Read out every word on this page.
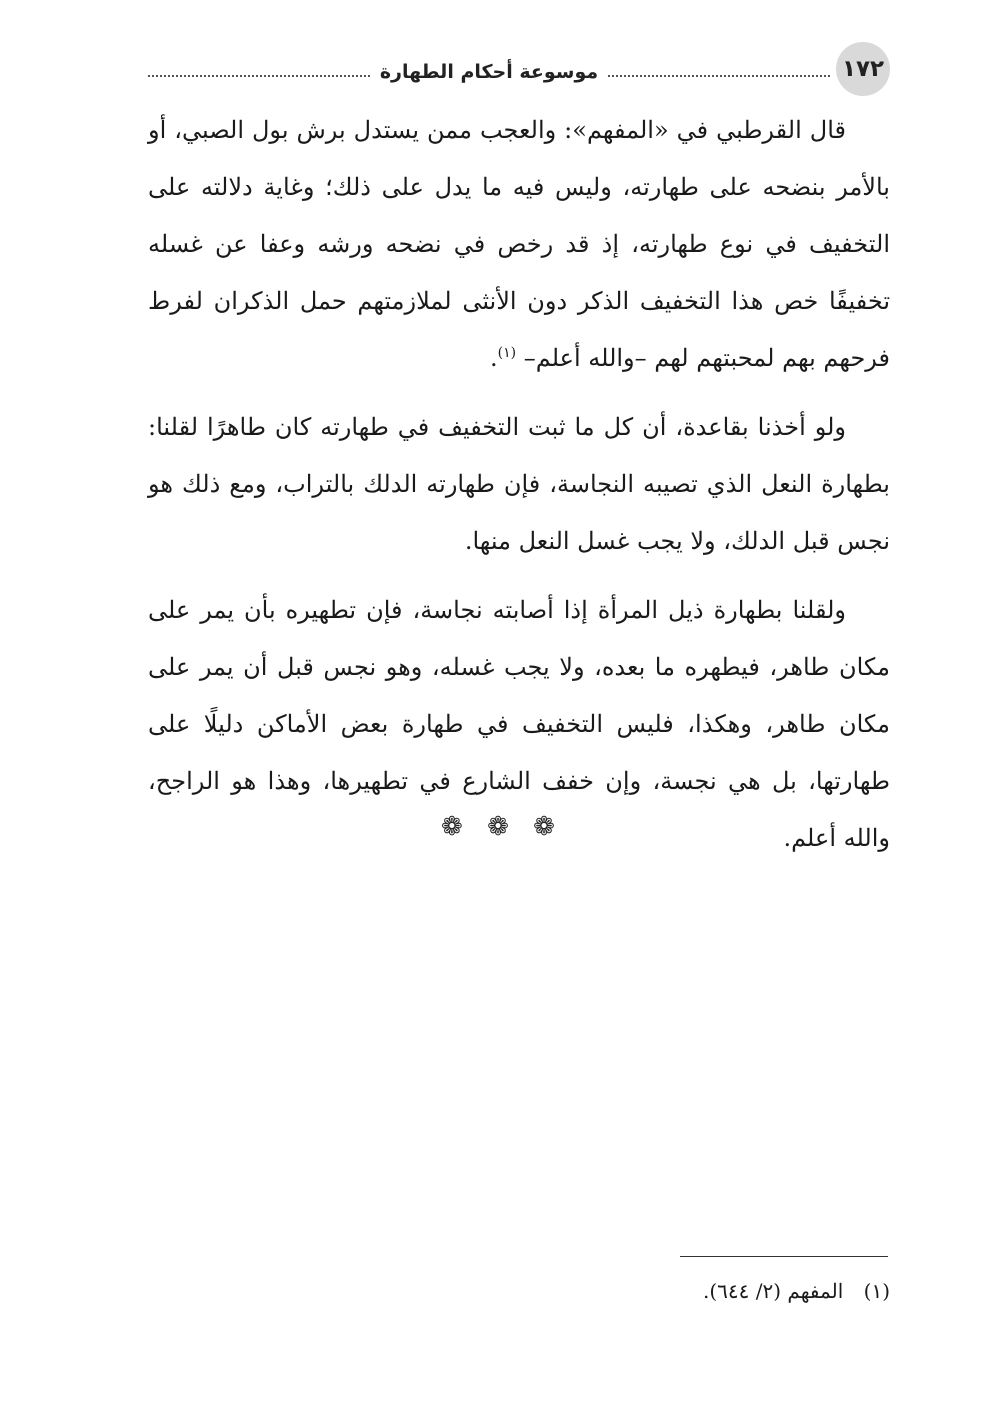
١٧٢
موسوعة أحكام الطهارة

قال القرطبي في «المفهم»: والعجب ممن يستدل برش بول الصبي، أو بالأمر بنضحه على طهارته، وليس فيه ما يدل على ذلك؛ وغاية دلالته على التخفيف في نوع طهارته، إذ قد رخص في نضحه ورشه وعفا عن غسله تخفيفًا خص هذا التخفيف الذكر دون الأنثى لملازمتهم حمل الذكران لفرط فرحهم بهم لمحبتهم لهم –والله أعلم– $^{(١)}$.

ولو أخذنا بقاعدة، أن كل ما ثبت التخفيف في طهارته كان طاهرًا لقلنا: بطهارة النعل الذي تصيبه النجاسة، فإن طهارته الدلك بالتراب، ومع ذلك هو نجس قبل الدلك، ولا يجب غسل النعل منها.

ولقلنا بطهارة ذيل المرأة إذا أصابته نجاسة، فإن تطهيره بأن يمر على مكان طاهر، فيطهره ما بعده، ولا يجب غسله، وهو نجس قبل أن يمر على مكان طاهر، وهكذا، فليس التخفيف في طهارة بعض الأماكن دليلًا على طهارتها، بل هي نجسة، وإن خفف الشارع في تطهيرها، وهذا هو الراجح، والله أعلم.

❁ ❁ ❁
(١) المفهم (٢/ ٦٤٤).
